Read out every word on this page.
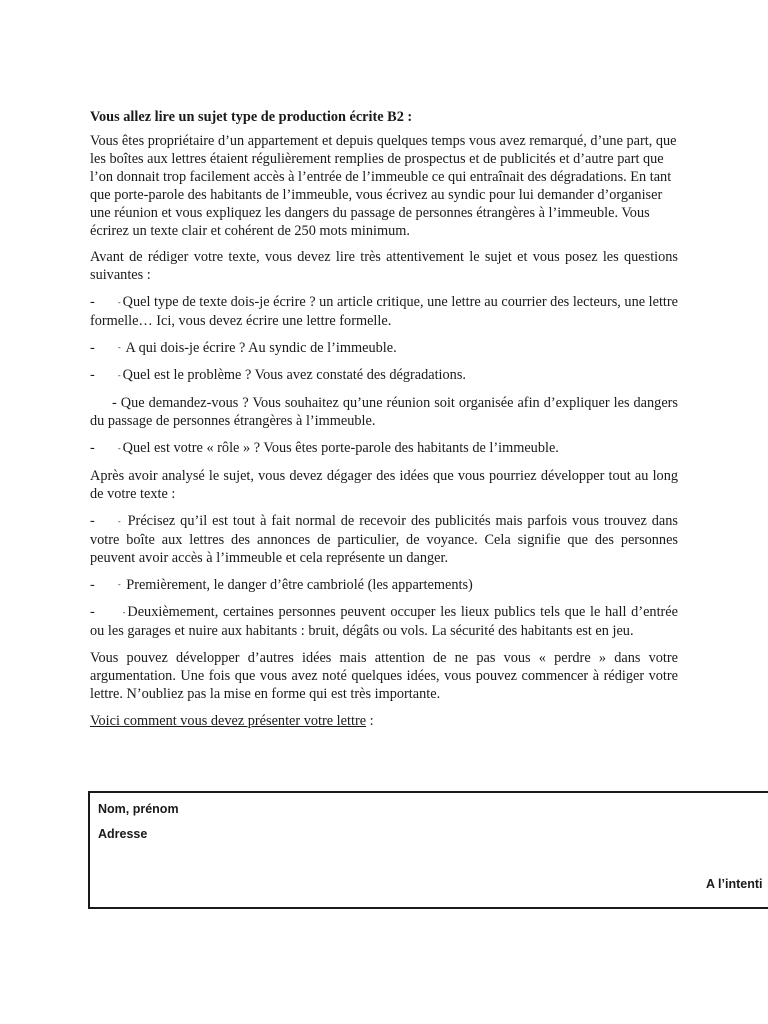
Vous allez lire un sujet type de production écrite B2 :

Vous êtes propriétaire d’un appartement et depuis quelques temps vous avez remarqué, d’une part, que les boîtes aux lettres étaient régulièrement remplies de prospectus et de publicités et d’autre part que l’on donnait trop facilement accès à l’entrée de l’immeuble ce qui entraînait des dégradations. En tant que porte-parole des habitants de l’immeuble, vous écrivez au syndic pour lui demander d’organiser une réunion et vous expliquez les dangers du passage de personnes étrangères à l’immeuble. Vous écrirez un texte clair et cohérent de 250 mots minimum.

Avant de rédiger votre texte, vous devez lire très attentivement le sujet et vous posez les questions suivantes :

-	- Quel type de texte dois-je écrire ? un article critique, une lettre au courrier des lecteurs, une lettre formelle… Ici, vous devez écrire une lettre formelle.

-	- A qui dois-je écrire ? Au syndic de l’immeuble.

-	- Quel est le problème ? Vous avez constaté des dégradations.

- Que demandez-vous ? Vous souhaitez qu’une réunion soit organisée afin d’expliquer les dangers du passage de personnes étrangères à l’immeuble.

-	- Quel est votre « rôle » ? Vous êtes porte-parole des habitants de l’immeuble.

Après avoir analysé le sujet, vous devez dégager des idées que vous pourriez développer tout au long de votre texte :

-	- Précisez qu’il est tout à fait normal de recevoir des publicités mais parfois vous trouvez dans votre boîte aux lettres des annonces de particulier, de voyance. Cela signifie que des personnes peuvent avoir accès à l’immeuble et cela représente un danger.

-	- Premièrement, le danger d’être cambriolé (les appartements)

-	- Deuxièmement, certaines personnes peuvent occuper les lieux publics tels que le hall d’entrée ou les garages et nuire aux habitants : bruit, dégâts ou vols. La sécurité des habitants est en jeu.

Vous pouvez développer d’autres idées mais attention de ne pas vous « perdre » dans votre argumentation. Une fois que vous avez noté quelques idées, vous pouvez commencer à rédiger votre lettre. N’oubliez pas la mise en forme qui est très importante.

Voici comment vous devez présenter votre lettre :

Nom, prénom
Adresse
A l’intenti
